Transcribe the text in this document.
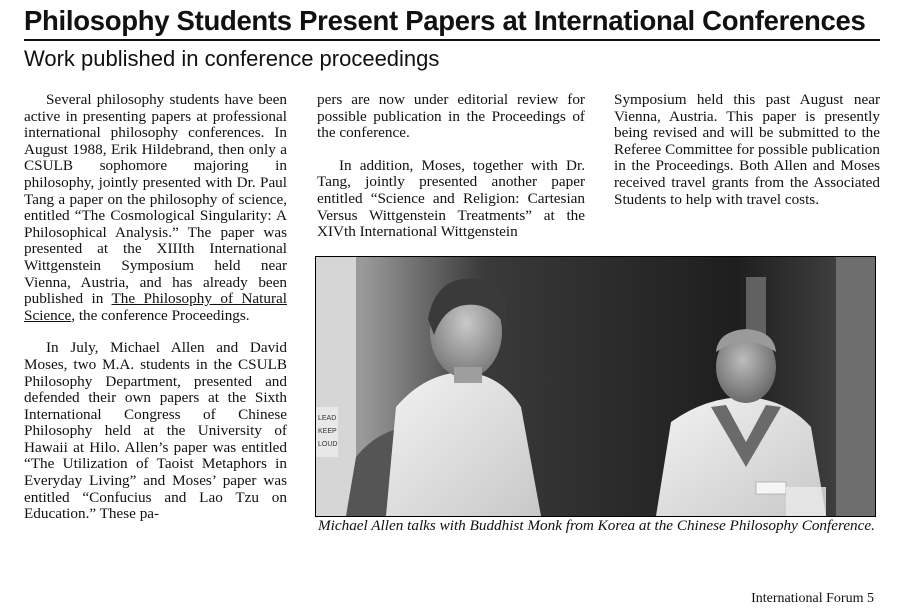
Philosophy Students Present Papers at International Conferences
Work published in conference proceedings

Several philosophy students have been active in presenting papers at professional international philosophy conferences. In August 1988, Erik Hildebrand, then only a CSULB sophomore majoring in philosophy, jointly presented with Dr. Paul Tang a paper on the philosophy of science, entitled “The Cosmological Singularity: A Philosophical Analysis.” The paper was presented at the XIIIth International Wittgenstein Symposium held near Vienna, Austria, and has already been published in The Philosophy of Natural Science, the conference Proceedings.

In July, Michael Allen and David Moses, two M.A. students in the CSULB Philosophy Department, presented and defended their own papers at the Sixth International Congress of Chinese Philosophy held at the University of Hawaii at Hilo. Allen’s paper was entitled “The Utilization of Taoist Metaphors in Everyday Living” and Moses’ paper was entitled “Confucius and Lao Tzu on Education.” These pa-

pers are now under editorial review for possible publication in the Proceedings of the conference.

In addition, Moses, together with Dr. Tang, jointly presented another paper entitled “Science and Religion: Cartesian Versus Wittgenstein Treatments” at the XIVth International Wittgenstein

Symposium held this past August near Vienna, Austria. This paper is presently being revised and will be submitted to the Referee Committee for possible publication in the Proceedings. Both Allen and Moses received travel grants from the Associated Students to help with travel costs.

LEAD
KEEP
LOUD

Michael Allen talks with Buddhist Monk from Korea at the Chinese Philosophy Conference.

International Forum 5
